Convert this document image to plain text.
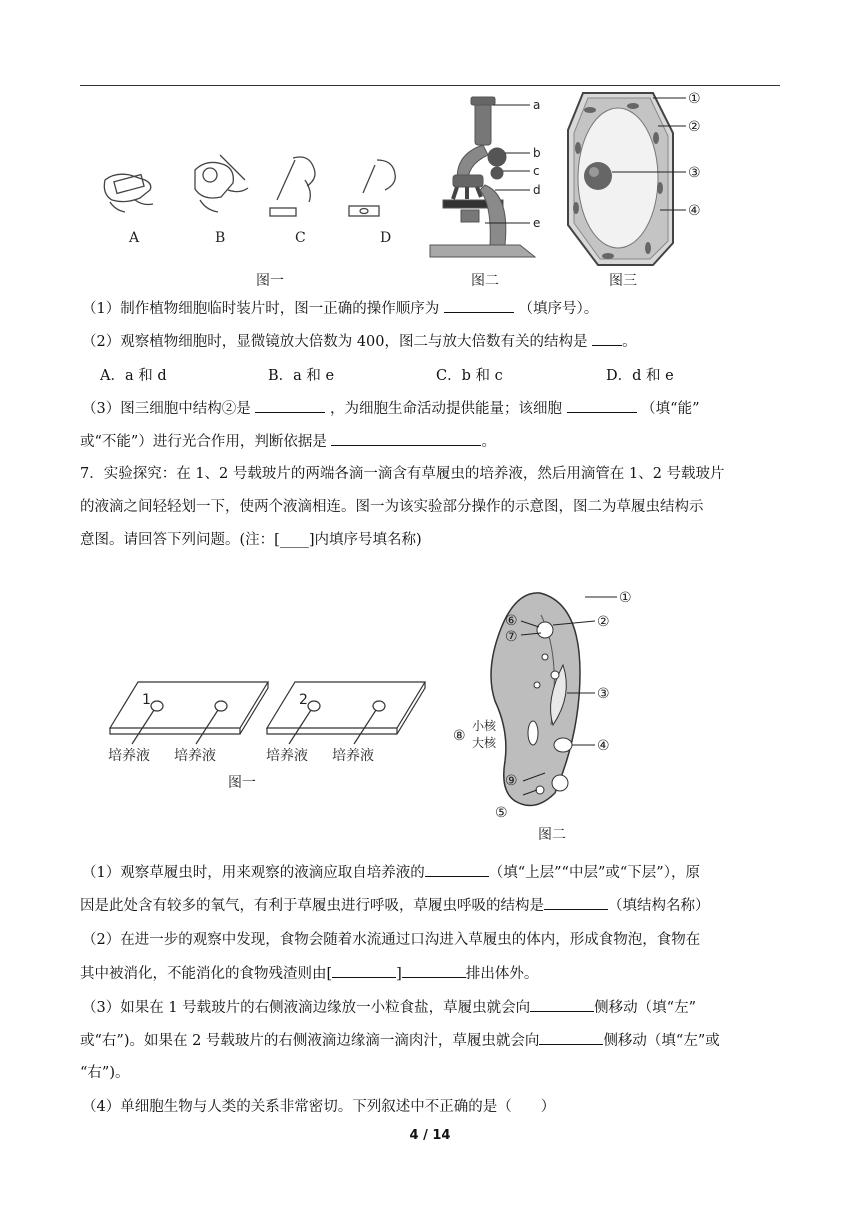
A	B	C	D
图一
a
b
c
d
e
图二
①
②
③
④
图三
（1）制作植物细胞临时装片时，图一正确的操作顺序为	（填序号）。
（2）观察植物细胞时，显微镜放大倍数为 400，图二与放大倍数有关的结构是 。
A．a 和 d	B．a 和 e	C．b 和 c	D．d 和 e
（3）图三细胞中结构②是	，为细胞生命活动提供能量；该细胞	（填“能”
或“不能”）进行光合作用，判断依据是	。
7．实验探究：在 1、2 号载玻片的两端各滴一滴含有草履虫的培养液，然后用滴管在 1、2 号载玻片
的液滴之间轻轻划一下，使两个液滴相连。图一为该实验部分操作的示意图，图二为草履虫结构示
意图。请回答下列问题。(注：[____]内填序号填名称)
1	2
培养液 培养液	培养液 培养液
图一
①
②
③
④
⑤
⑥
⑦
⑧
⑨
小核
大核
图二
（1）观察草履虫时，用来观察的液滴应取自培养液的	（填“上层”“中层”或“下层”），原
因是此处含有较多的氧气，有利于草履虫进行呼吸，草履虫呼吸的结构是	（填结构名称）
（2）在进一步的观察中发现，食物会随着水流通过口沟进入草履虫的体内，形成食物泡，食物在
其中被消化，不能消化的食物残渣则由[	]	排出体外。
（3）如果在 1 号载玻片的右侧液滴边缘放一小粒食盐，草履虫就会向	侧移动（填“左”
或“右”)。如果在 2 号载玻片的右侧液滴边缘滴一滴肉汁，草履虫就会向	侧移动（填“左”或
“右”)。
（4）单细胞生物与人类的关系非常密切。下列叙述中不正确的是（　　）
4 / 14
